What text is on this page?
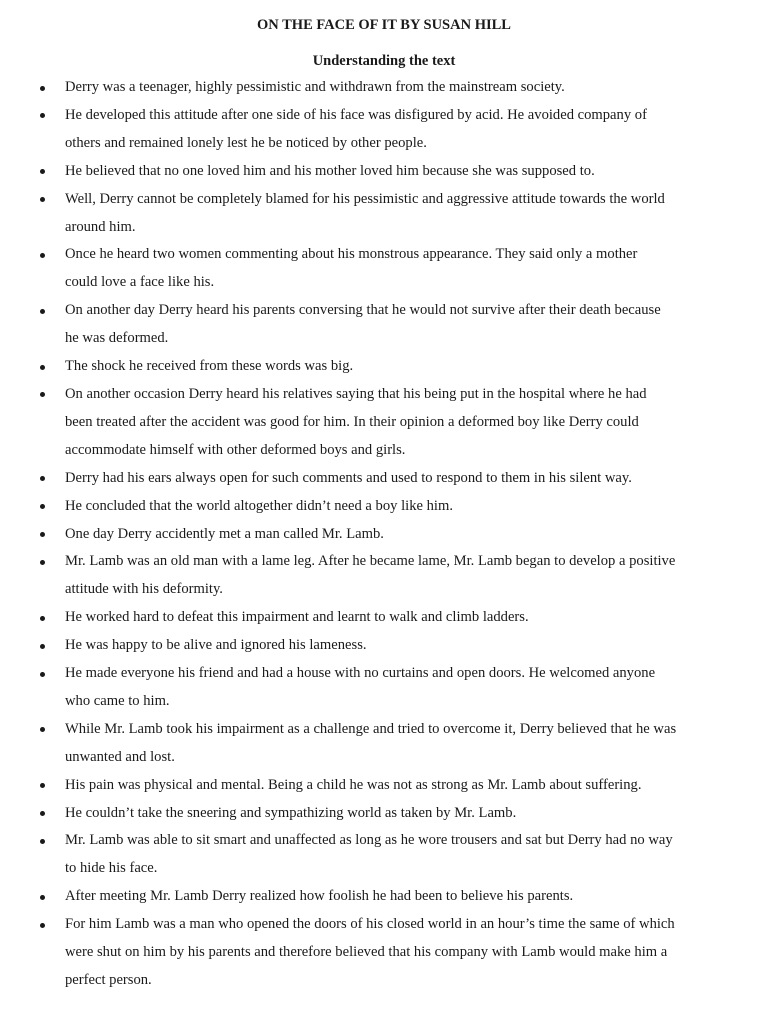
ON THE FACE OF IT BY SUSAN HILL
Understanding the text
Derry was a teenager, highly pessimistic and withdrawn from the mainstream society.
He developed this attitude after one side of his face was disfigured by acid. He avoided company of
others and remained lonely lest he be noticed by other people.
He believed that no one loved him and his mother loved him because she was supposed to.
Well, Derry cannot be completely blamed for his pessimistic and aggressive attitude towards the world
around him.
Once he heard two women commenting about his monstrous appearance. They said only a mother
could love a face like his.
On another day Derry heard his parents conversing that he would not survive after their death because
he was deformed.
The shock he received from these words was big.
On another occasion Derry heard his relatives saying that his being put in the hospital where he had
been treated after the accident was good for him. In their opinion a deformed boy like Derry could
accommodate himself with other deformed boys and girls.
Derry had his ears always open for such comments and used to respond to them in his silent way.
He concluded that the world altogether didn’t need a boy like him.
One day Derry accidently met a man called Mr. Lamb.
Mr. Lamb was an old man with a lame leg. After he became lame, Mr. Lamb began to develop a positive
attitude with his deformity.
He worked hard to defeat this impairment and learnt to walk and climb ladders.
He was happy to be alive and ignored his lameness.
He made everyone his friend and had a house with no curtains and open doors. He welcomed anyone
who came to him.
While Mr. Lamb took his impairment as a challenge and tried to overcome it, Derry believed that he was
unwanted and lost.
His pain was physical and mental. Being a child he was not as strong as Mr. Lamb about suffering.
He couldn’t take the sneering and sympathizing world as taken by Mr. Lamb.
Mr. Lamb was able to sit smart and unaffected as long as he wore trousers and sat but Derry had no way
to hide his face.
After meeting Mr. Lamb Derry realized how foolish he had been to believe his parents.
For him Lamb was a man who opened the doors of his closed world in an hour’s time the same of which
were shut on him by his parents and therefore believed that his company with Lamb would make him a
perfect person.
